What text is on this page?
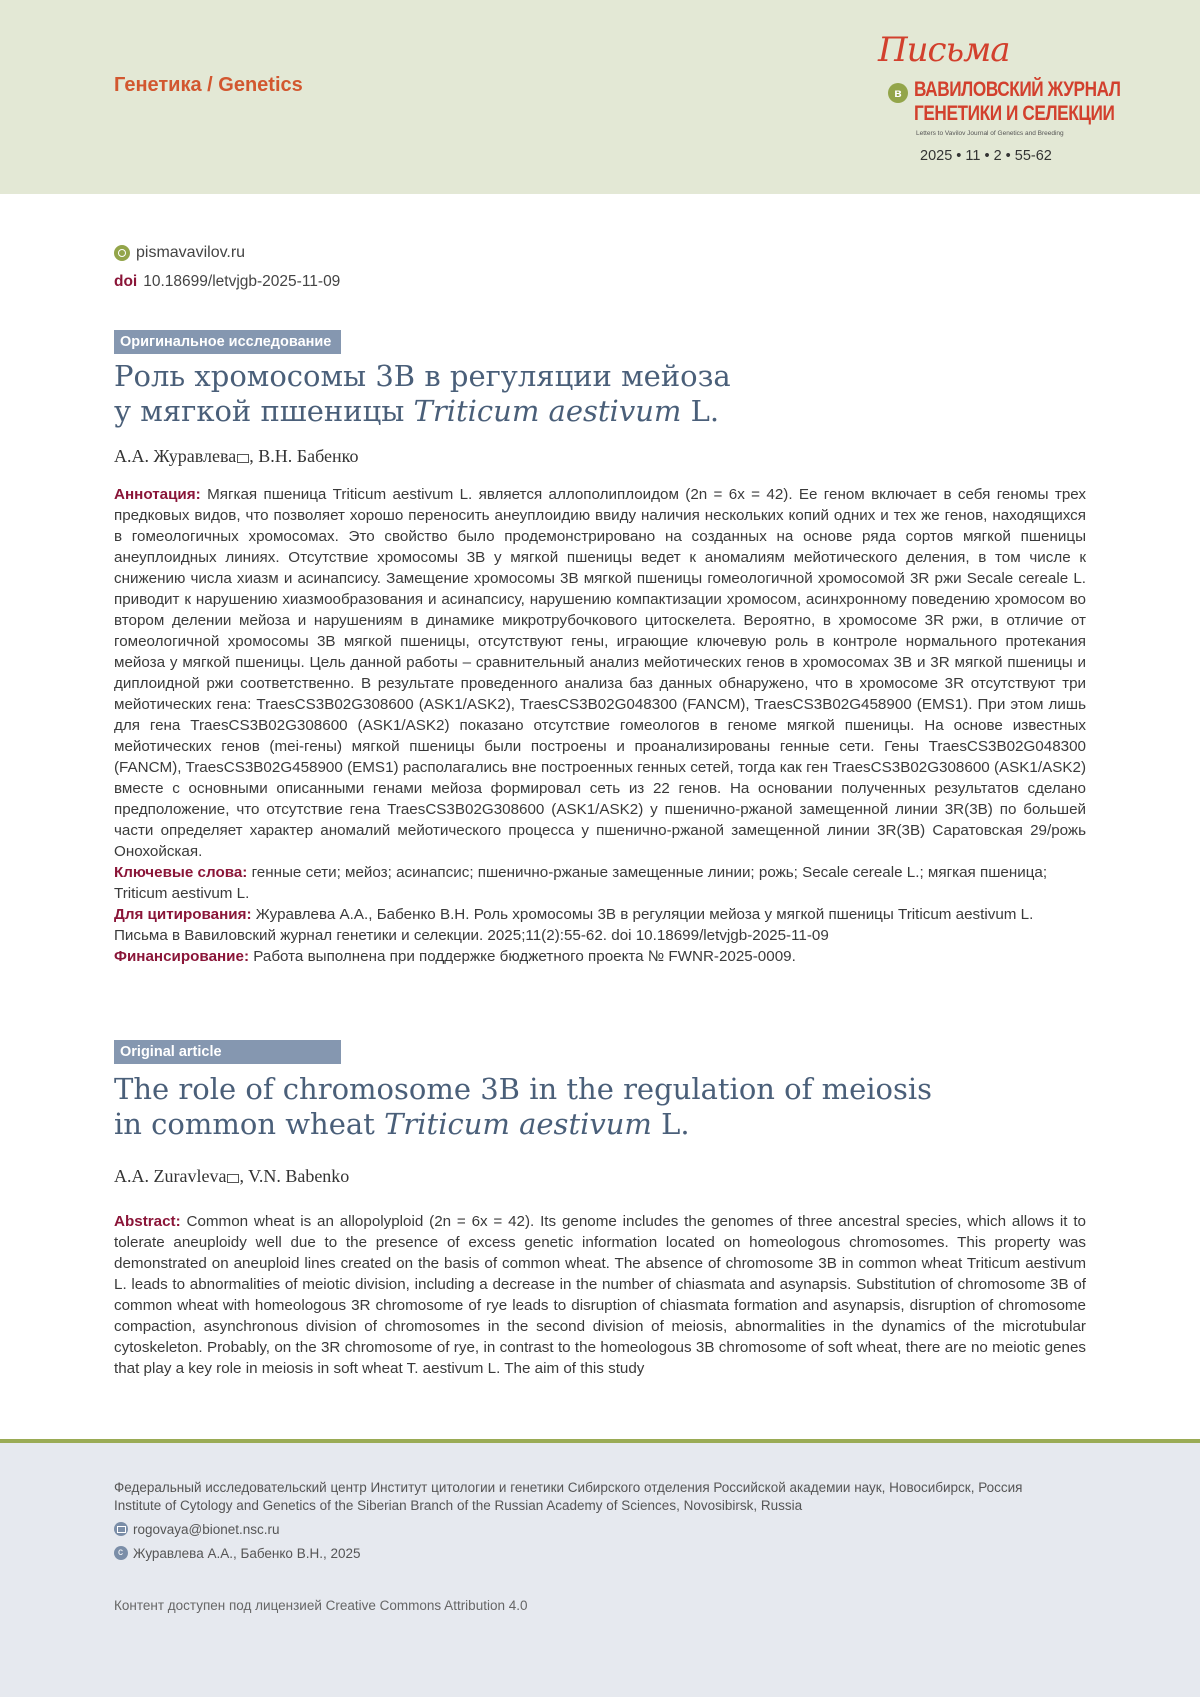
Генетика / Genetics
Письма
в ВАВИЛОВСКИЙ ЖУРНАЛ
ГЕНЕТИКИ И СЕЛЕКЦИИ
Letters to Vavilov Journal of Genetics and Breeding
2025 • 11 • 2 • 55-62
pismavavilov.ru
doi 10.18699/letvjgb-2025-11-09
Оригинальное исследование
Роль хромосомы 3B в регуляции мейоза
у мягкой пшеницы Triticum aestivum L.
А.А. Журавлева , В.Н. Бабенко

Аннотация: Мягкая пшеница Triticum aestivum L. является аллополиплоидом (2n = 6x = 42). Ее геном включает в себя геномы трех предковых видов, что позволяет хорошо переносить анеуплоидию ввиду наличия нескольких копий одних и тех же генов, находящихся в гомеологичных хромосомах. Это свойство было продемонстрировано на созданных на основе ряда сортов мягкой пшеницы анеуплоидных линиях. Отсутствие хромосомы 3B у мягкой пшеницы ведет к аномалиям мейотического деления, в том числе к снижению числа хиазм и асинапсису. Замещение хромосомы 3B мягкой пшеницы гомеологичной хромосомой 3R ржи Secale cereale L. приводит к нарушению хиазмообразования и асинапсису, нарушению компактизации хромосом, асинхронному поведению хромосом во втором делении мейоза и нарушениям в динамике микротрубочкового цитоскелета. Вероятно, в хромосоме 3R ржи, в отличие от гомеологичной хромосомы 3B мягкой пшеницы, отсутствуют гены, играющие ключевую роль в контроле нормального протекания мейоза у мягкой пшеницы. Цель данной работы – сравнительный анализ мейотических генов в хромосомах 3B и 3R мягкой пшеницы и диплоидной ржи соответственно. В результате проведенного анализа баз данных обнаружено, что в хромосоме 3R отсутствуют три мейотических гена: TraesCS3B02G308600 (ASK1/ASK2), TraesCS3B02G048300 (FANCM), TraesCS3B02G458900 (EMS1). При этом лишь для гена TraesCS3B02G308600 (ASK1/ASK2) показано отсутствие гомеологов в геноме мягкой пшеницы. На основе известных мейотических генов (mei-гены) мягкой пшеницы были построены и проанализированы генные сети. Гены TraesCS3B02G048300 (FANCM), TraesCS3B02G458900 (EMS1) располагались вне построенных генных сетей, тогда как ген TraesCS3B02G308600 (ASK1/ASK2) вместе с основными описанными генами мейоза формировал сеть из 22 генов. На основании полученных результатов сделано предположение, что отсутствие гена TraesCS3B02G308600 (ASK1/ASK2) у пшенично-ржаной замещенной линии 3R(3B) по большей части определяет характер аномалий мейотического процесса у пшенично-ржаной замещенной линии 3R(3B) Саратовская 29/рожь Онохойская.

Ключевые слова: генные сети; мейоз; асинапсис; пшенично-ржаные замещенные линии; рожь; Secale cereale L.; мягкая пшеница; Triticum aestivum L.

Для цитирования: Журавлева А.А., Бабенко В.Н. Роль хромосомы 3B в регуляции мейоза у мягкой пшеницы Triticum aestivum L. Письма в Вавиловский журнал генетики и селекции. 2025;11(2):55-62. doi 10.18699/letvjgb-2025-11-09

Финансирование: Работа выполнена при поддержке бюджетного проекта № FWNR-2025-0009.

Original article
The role of chromosome 3B in the regulation of meiosis
in common wheat Triticum aestivum L.
A.A. Zuravleva , V.N. Babenko

Abstract: Common wheat is an allopolyploid (2n = 6x = 42). Its genome includes the genomes of three ancestral species, which allows it to tolerate aneuploidy well due to the presence of excess genetic information located on homeologous chromosomes. This property was demonstrated on aneuploid lines created on the basis of common wheat. The absence of chromosome 3B in common wheat Triticum aestivum L. leads to abnormalities of meiotic division, including a decrease in the number of chiasmata and asynapsis. Substitution of chromosome 3B of common wheat with homeologous 3R chromosome of rye leads to disruption of chiasmata formation and asynapsis, disruption of chromosome compaction, asynchronous division of chromosomes in the second division of meiosis, abnormalities in the dynamics of the microtubular cytoskeleton. Probably, on the 3R chromosome of rye, in contrast to the homeologous 3B chromosome of soft wheat, there are no meiotic genes that play a key role in meiosis in soft wheat T. aestivum L. The aim of this study

Федеральный исследовательский центр Институт цитологии и генетики Сибирского отделения Российской академии наук, Новосибирск, Россия
Institute of Cytology and Genetics of the Siberian Branch of the Russian Academy of Sciences, Novosibirsk, Russia
rogovaya@bionet.nsc.ru
cЖуравлева А.А., Бабенко В.Н., 2025
Контент доступен под лицензией Creative Commons Attribution 4.0
